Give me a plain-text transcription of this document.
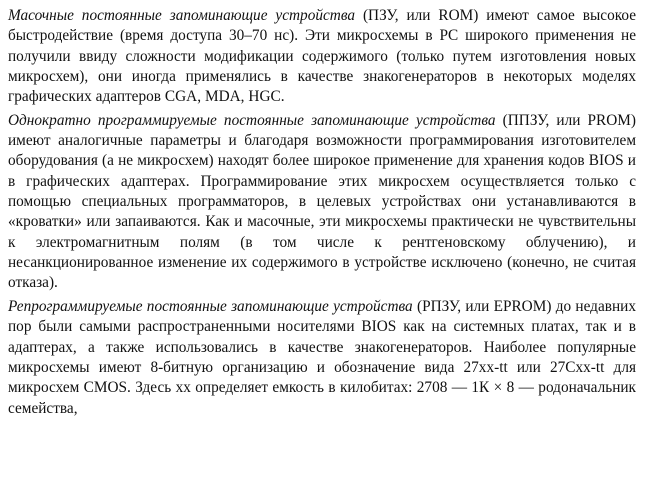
Масочные постоянные запоминающие устройства (ПЗУ, или ROM) имеют самое высокое быстродействие (время доступа 30–70 нс). Эти микросхемы в PC широкого применения не получили ввиду сложности модификации содержимого (только путем изготовления новых микросхем), они иногда применялись в качестве знакогенераторов в некоторых моделях графических адаптеров CGA, MDA, HGC.

Однократно программируемые постоянные запоминающие устройства (ППЗУ, или PROM) имеют аналогичные параметры и благодаря возможности программирования изготовителем оборудования (а не микросхем) находят более широкое применение для хранения кодов BIOS и в графических адаптерах. Программирование этих микросхем осуществляется только с помощью специальных программаторов, в целевых устройствах они устанавливаются в «кроватки» или запаиваются. Как и масочные, эти микросхемы практически не чувствительны к электромагнитным полям (в том числе к рентгеновскому облучению), и несанкционированное изменение их содержимого в устройстве исключено (конечно, не считая отказа).

Репрограммируемые постоянные запоминающие устройства (РПЗУ, или EPROM) до недавних пор были самыми распространенными носителями BIOS как на системных платах, так и в адаптерах, а также использовались в качестве знакогенераторов. Наиболее популярные микросхемы имеют 8-битную организацию и обозначение вида 27хх-tt или 27Схх-tt для микросхем CMOS. Здесь хх определяет емкость в килобитах: 2708 — 1К × 8 — родоначальник семейства,
